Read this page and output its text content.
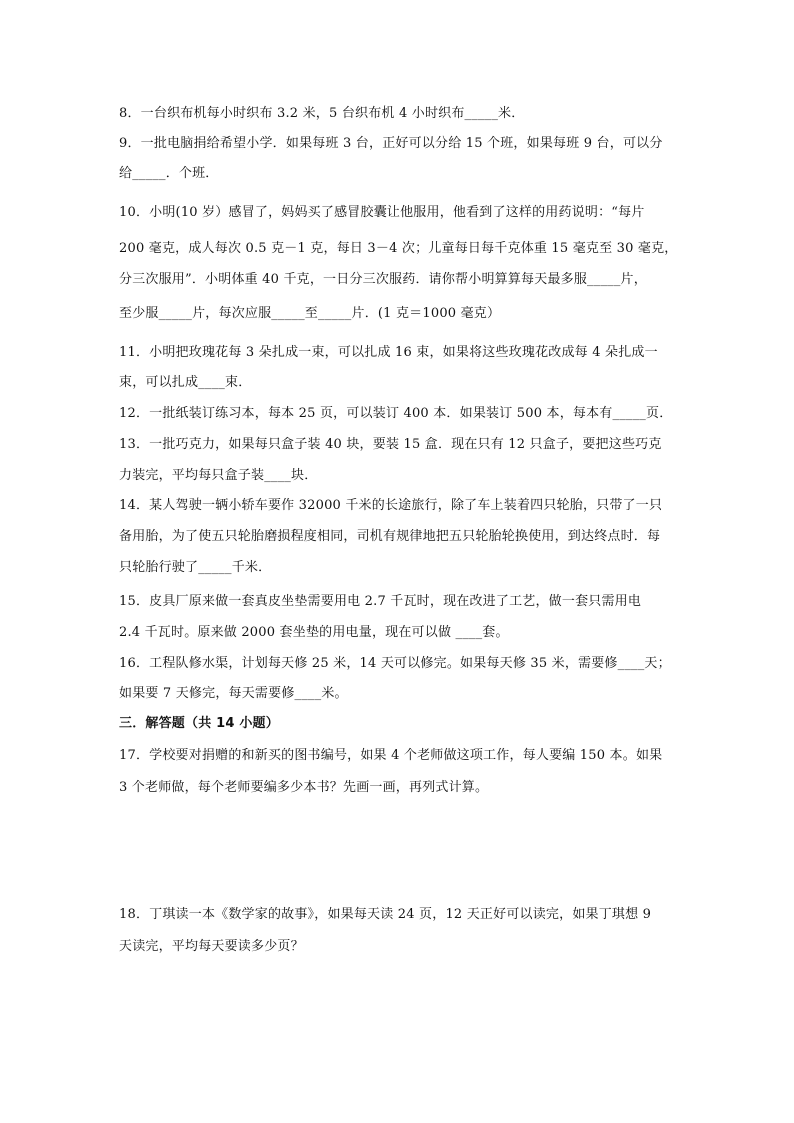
8．一台织布机每小时织布 3.2 米，5 台织布机 4 小时织布_____米．
9．一批电脑捐给希望小学．如果每班 3 台，正好可以分给 15 个班，如果每班 9 台，可以分
给_____．个班．
10．小明(10 岁）感冒了，妈妈买了感冒胶囊让他服用，他看到了这样的用药说明：“每片
200 毫克，成人每次 0.5 克－1 克，每日 3－4 次；儿童每日每千克体重 15 毫克至 30 毫克，
分三次服用”．小明体重 40 千克，一日分三次服药．请你帮小明算算每天最多服_____片，
至少服_____片，每次应服_____至_____片．(1 克＝1000 毫克）
11．小明把玫瑰花每 3 朵扎成一束，可以扎成 16 束，如果将这些玫瑰花改成每 4 朵扎成一
束，可以扎成____束．
12．一批纸装订练习本，每本 25 页，可以装订 400 本．如果装订 500 本，每本有_____页．
13．一批巧克力，如果每只盒子装 40 块，要装 15 盒．现在只有 12 只盒子，要把这些巧克
力装完，平均每只盒子装____块．
14．某人驾驶一辆小轿车要作 32000 千米的长途旅行，除了车上装着四只轮胎，只带了一只
备用胎，为了使五只轮胎磨损程度相同，司机有规律地把五只轮胎轮换使用，到达终点时．每
只轮胎行驶了_____千米．
15．皮具厂原来做一套真皮坐垫需要用电 2.7 千瓦时，现在改进了工艺，做一套只需用电
2.4 千瓦时。原来做 2000 套坐垫的用电量，现在可以做 ____套。
16．工程队修水渠，计划每天修 25 米，14 天可以修完。如果每天修 35 米，需要修____天；
如果要 7 天修完，每天需要修____米。
三．解答题（共 14 小题）
17．学校要对捐赠的和新买的图书编号，如果 4 个老师做这项工作，每人要编 150 本。如果
3 个老师做，每个老师要编多少本书？先画一画，再列式计算。
18．丁琪读一本《数学家的故事》，如果每天读 24 页，12 天正好可以读完，如果丁琪想 9
天读完，平均每天要读多少页？
